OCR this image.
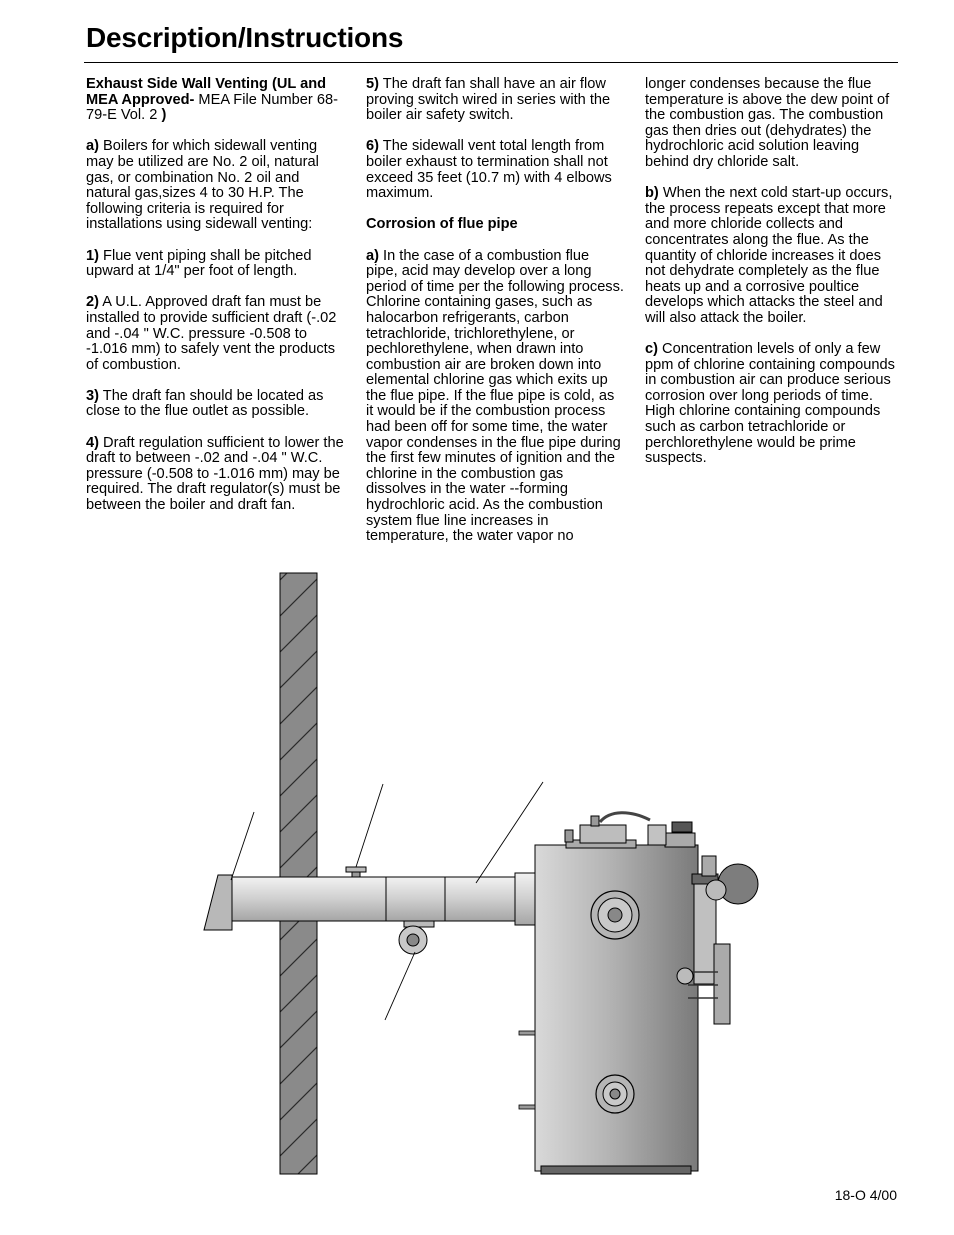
Description/Instructions

Exhaust Side Wall Venting (UL and MEA Approved- MEA File Number 68-79-E Vol. 2 )

a) Boilers for which sidewall venting may be utilized are No. 2 oil, natural gas, or combination No. 2 oil and natural gas,sizes 4 to 30 H.P. The following criteria is required for installations using sidewall venting:

1) Flue vent piping shall be pitched upward at 1/4" per foot of length.

2) A U.L. Approved draft fan must be installed to provide sufficient draft (-.02 and -.04 " W.C. pressure -0.508 to -1.016 mm) to safely vent the products of combustion.

3) The draft fan should be located as close to the flue outlet as possible.

4) Draft regulation sufficient to lower the draft to between -.02 and -.04 " W.C. pressure (-0.508 to -1.016 mm) may be required. The draft regulator(s) must be between the boiler and draft fan.

5) The draft fan shall have an air flow proving switch wired in series with the boiler air safety switch.

6) The sidewall vent total length from boiler exhaust to termination shall not exceed 35 feet (10.7 m) with 4 elbows maximum.

Corrosion of flue pipe

a) In the case of a combustion flue pipe, acid may develop over a long period of time per the following process. Chlorine containing gases, such as halocarbon refrigerants, carbon tetrachloride, trichlorethylene, or pechlorethylene, when drawn into combustion air are broken down into elemental chlorine gas which exits up the flue pipe. If the flue pipe is cold, as it would be if the combustion process had been off for some time, the water vapor condenses in the flue pipe during the first few minutes of ignition and the chlorine in the combustion gas dissolves in the water --forming hydrochloric acid. As the combustion system flue line increases in temperature, the water vapor no

longer condenses because the flue temperature is above the dew point of the combustion gas. The combustion gas then dries out (dehydrates) the hydrochloric acid solution leaving behind dry chloride salt.

b) When the next cold start-up occurs, the process repeats except that more and more chloride collects and concentrates along the flue. As the quantity of chloride increases it does not dehydrate completely as the flue heats up and a corrosive poultice develops which attacks the steel and will also attack the boiler.

c) Concentration levels of only a few ppm of chlorine containing compounds in combustion air can produce serious corrosion over long periods of time. High chlorine containing compounds such as carbon tetrachloride or perchlorethylene would be prime suspects.

18-O 4/00
